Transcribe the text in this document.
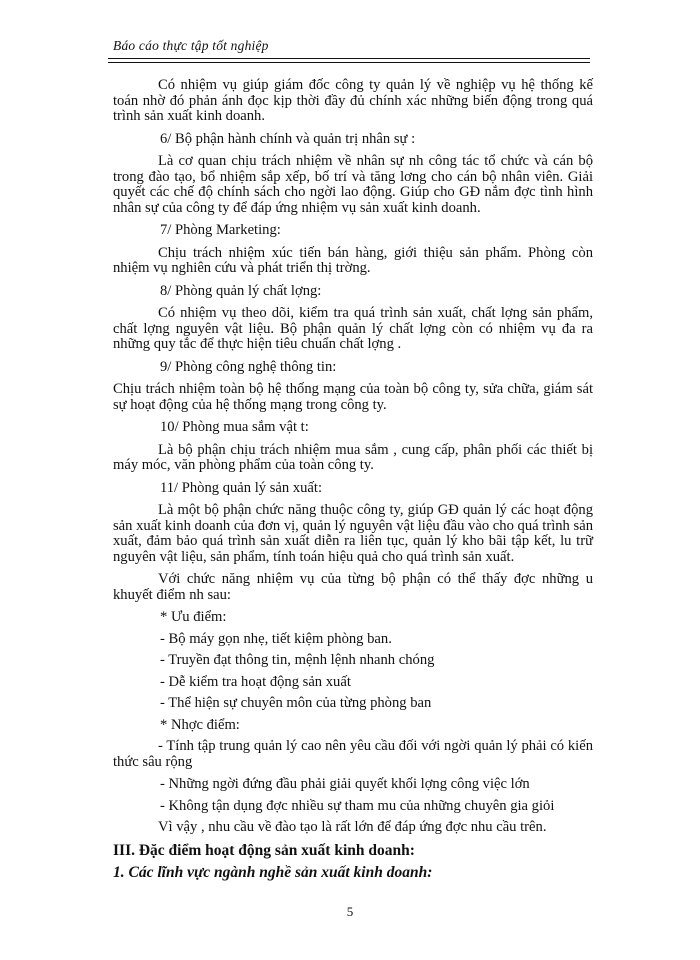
Báo cáo thực tập tốt nghiệp

Có nhiệm vụ giúp giám đốc công ty quản lý về nghiệp vụ hệ thống kế toán nhờ đó phản ánh đọc kịp thời đầy đủ chính xác những biến động trong quá trình sản xuất kinh doanh.

6/ Bộ phận hành chính và quản trị nhân sự :

Là cơ quan chịu trách nhiệm về nhân sự nh công tác tổ chức và cán bộ trong đào tạo, bổ nhiệm sắp xếp, bố trí và tăng lơng cho cán bộ nhân viên. Giải quyết các chế độ chính sách cho ngời lao động. Giúp cho GĐ nắm đợc tình hình nhân sự của công ty để đáp ứng nhiệm vụ sản xuất kinh doanh.

7/ Phòng Marketing:

Chịu trách nhiệm xúc tiến bán hàng, giới thiệu sản phẩm. Phòng còn nhiệm vụ nghiên cứu và phát triển thị trờng.

8/ Phòng quản lý chất lợng:

Có nhiệm vụ theo dõi, kiểm tra quá trình sản xuất, chất lợng sản phẩm, chất lợng nguyên vật liệu. Bộ phận quản lý chất lợng còn có nhiệm vụ đa ra những quy tắc để thực hiện tiêu chuẩn chất lợng .

9/ Phòng công nghệ thông tin:

Chịu trách nhiệm toàn bộ hệ thống mạng của toàn bộ công ty, sửa chữa, giám sát sự hoạt động của hệ thống mạng trong công ty.

10/ Phòng mua sắm vật t:

Là bộ phận chịu trách nhiệm mua sắm , cung cấp, phân phối các thiết bị máy móc, văn phòng phẩm của toàn công ty.

11/ Phòng quản lý sản xuất:

Là một bộ phận chức năng thuộc công ty, giúp GĐ quản lý các hoạt động sản xuất kinh doanh của đơn vị, quản lý nguyên vật liệu đầu vào cho quá trình sản xuất, đảm bảo quá trình sản xuất diễn ra liên tục, quản lý kho bãi tập kết, lu trữ nguyên vật liệu, sản phẩm, tính toán hiệu quả cho quá trình sản xuất.

Với chức năng nhiệm vụ của từng bộ phận có thể thấy đợc những u khuyết điểm nh sau:

* Ưu điểm:

- Bộ máy gọn nhẹ, tiết kiệm phòng ban.

- Truyền đạt thông tin, mệnh lệnh nhanh chóng

- Dễ kiểm tra hoạt động sản xuất

- Thể hiện sự chuyên môn của từng phòng ban

* Nhợc điểm:

- Tính tập trung quản lý cao nên yêu cầu đối với ngời quản lý phải có kiến thức sâu rộng

- Những ngời đứng đầu phải giải quyết khối lợng công việc lớn

- Không tận dụng đợc nhiều sự tham mu của những chuyên gia giỏi

Vì vậy , nhu cầu về đào tạo là rất lớn để đáp ứng đợc nhu cầu trên.

III. Đặc điểm hoạt động sản xuất kinh doanh:

1. Các lĩnh vực ngành nghề sản xuất kinh doanh:

5
